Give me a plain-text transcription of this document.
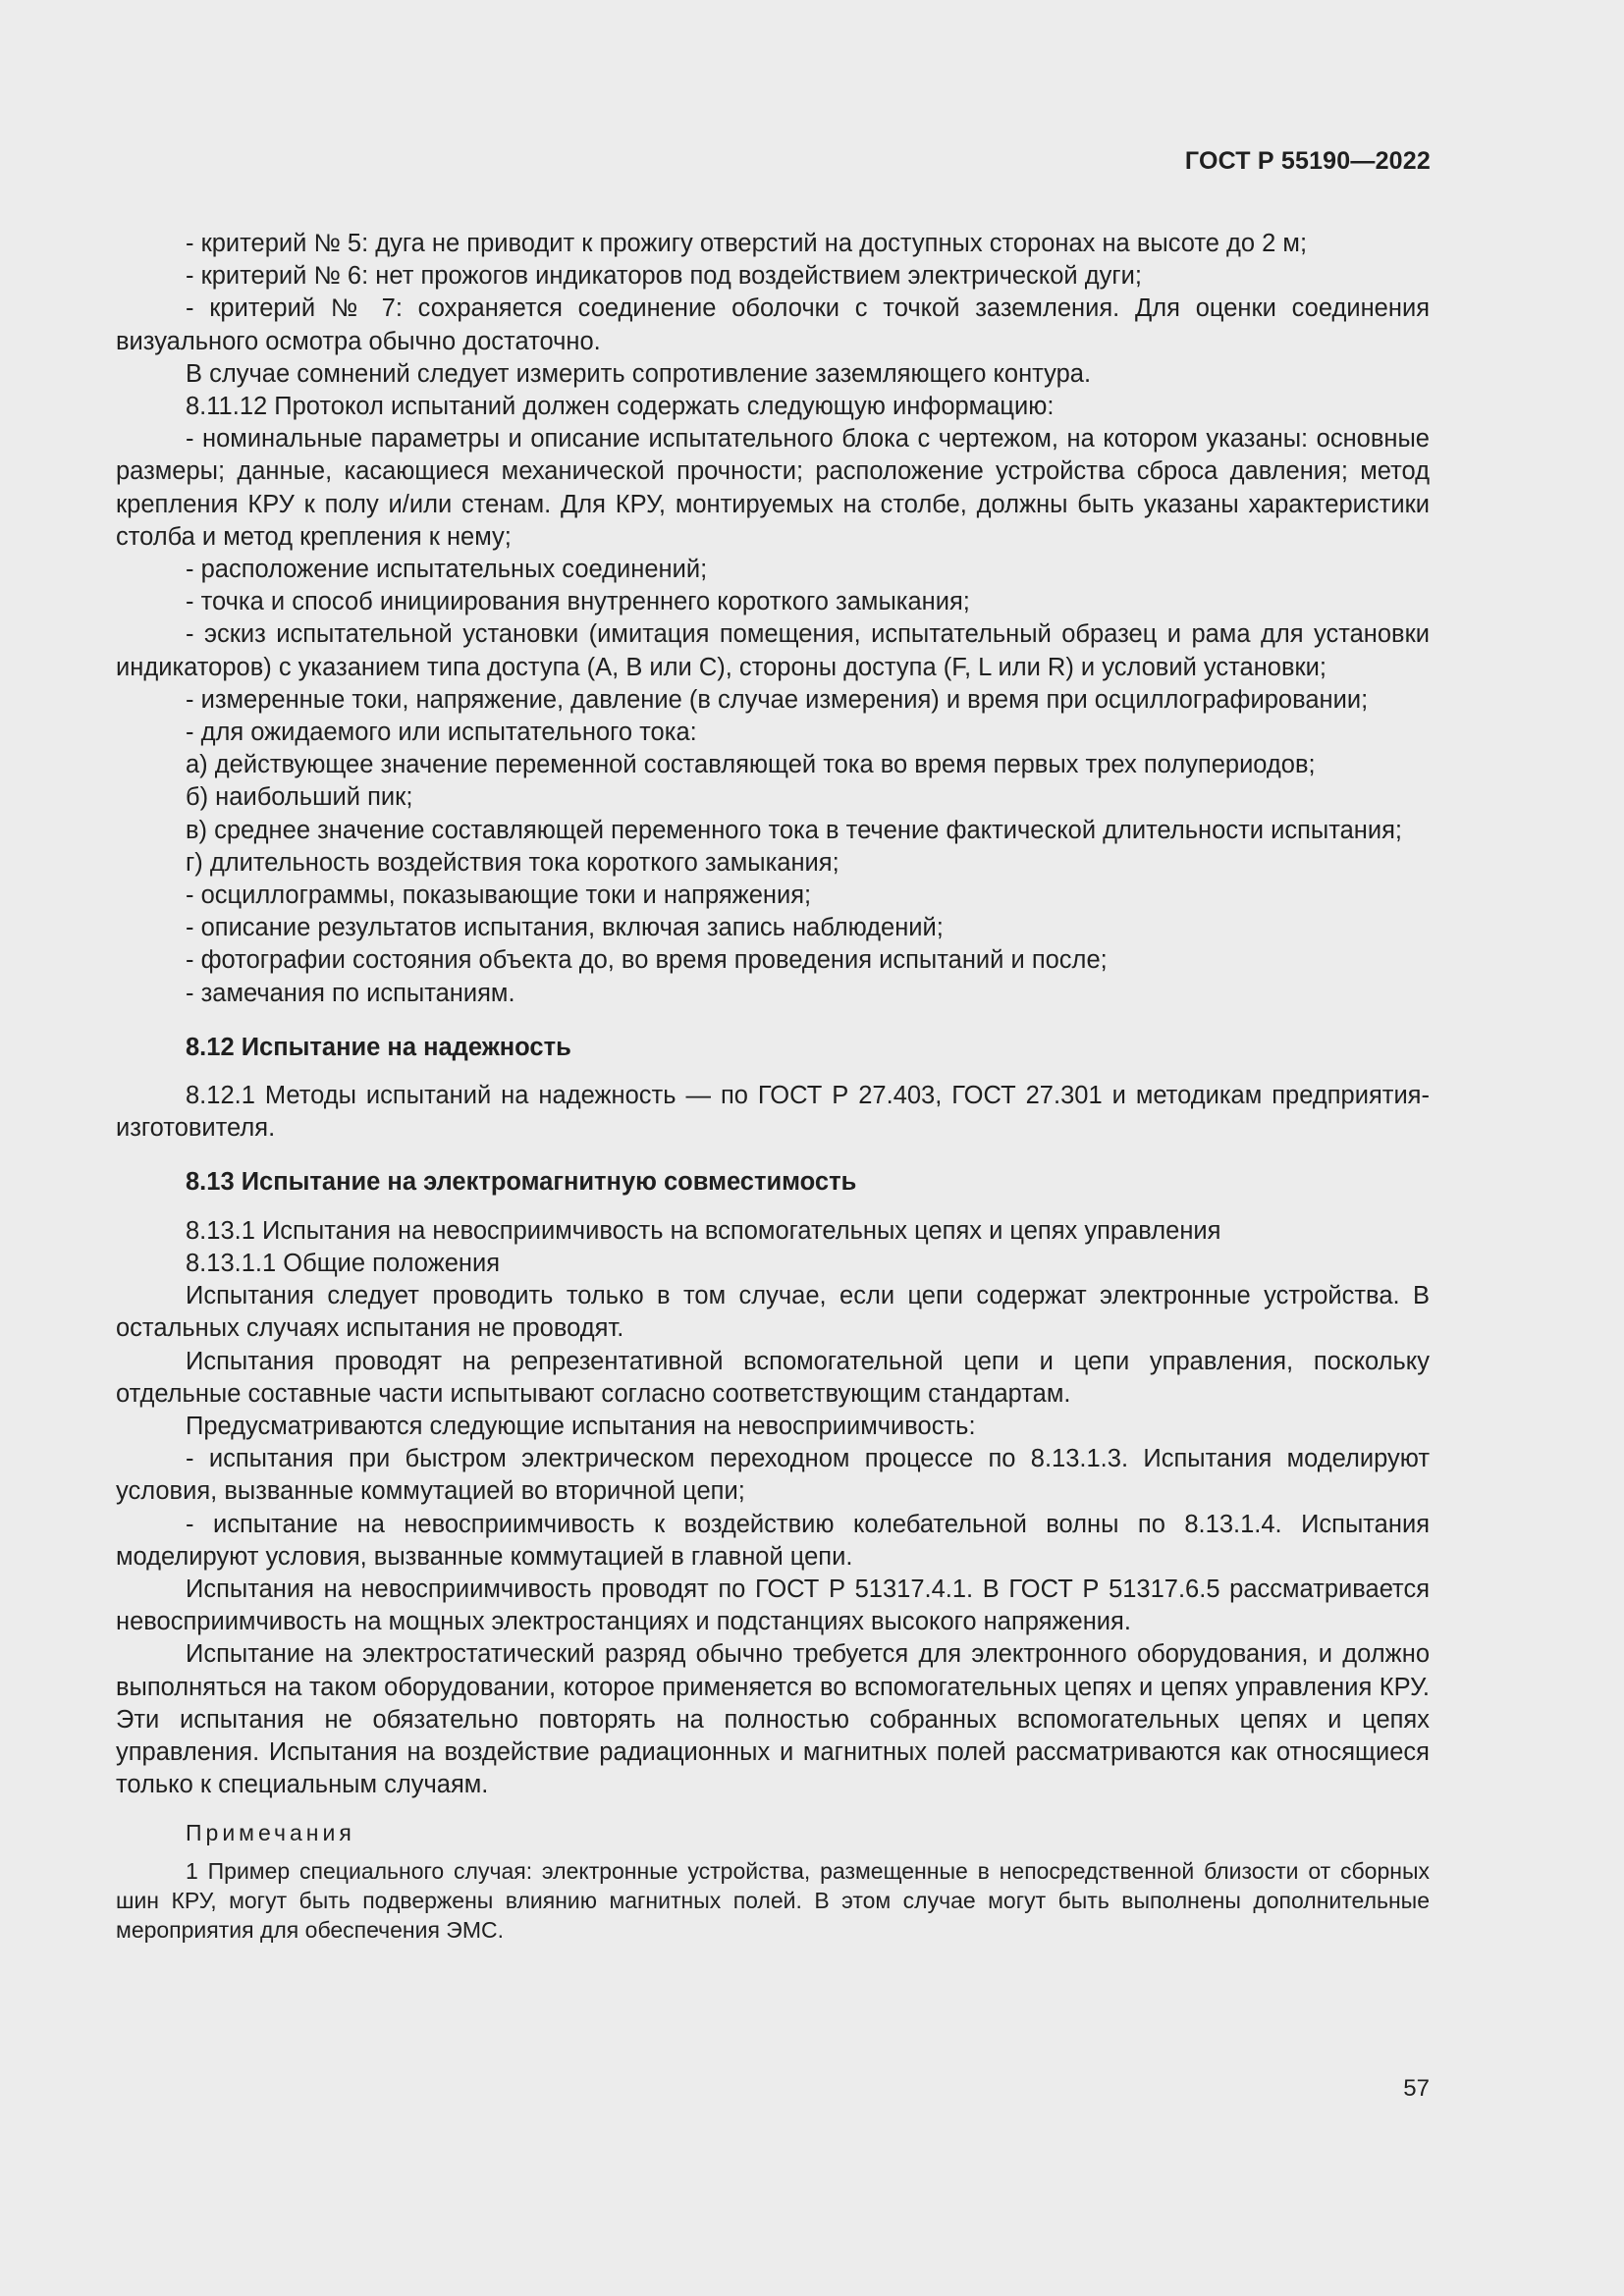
ГОСТ Р 55190—2022

- критерий № 5: дуга не приводит к прожигу отверстий на доступных сторонах на высоте до 2 м;

- критерий № 6: нет прожогов индикаторов под воздействием электрической дуги;

- критерий № 7: сохраняется соединение оболочки с точкой заземления. Для оценки соединения визуального осмотра обычно достаточно.

В случае сомнений следует измерить сопротивление заземляющего контура.

8.11.12 Протокол испытаний должен содержать следующую информацию:

- номинальные параметры и описание испытательного блока с чертежом, на котором указаны: основные размеры; данные, касающиеся механической прочности; расположение устройства сброса давления; метод крепления КРУ к полу и/или стенам. Для КРУ, монтируемых на столбе, должны быть указаны характеристики столба и метод крепления к нему;

- расположение испытательных соединений;

- точка и способ инициирования внутреннего короткого замыкания;

- эскиз испытательной установки (имитация помещения, испытательный образец и рама для установки индикаторов) с указанием типа доступа (А, В или С), стороны доступа (F, L или R) и условий установки;

- измеренные токи, напряжение, давление (в случае измерения) и время при осциллографировании;

- для ожидаемого или испытательного тока:

а) действующее значение переменной составляющей тока во время первых трех полупериодов;

б) наибольший пик;

в) среднее значение составляющей переменного тока в течение фактической длительности испытания;

г) длительность воздействия тока короткого замыкания;

- осциллограммы, показывающие токи и напряжения;

- описание результатов испытания, включая запись наблюдений;

- фотографии состояния объекта до, во время проведения испытаний и после;

- замечания по испытаниям.

8.12 Испытание на надежность

8.12.1 Методы испытаний на надежность — по ГОСТ Р 27.403, ГОСТ 27.301 и методикам предприятия-изготовителя.

8.13 Испытание на электромагнитную совместимость

8.13.1 Испытания на невосприимчивость на вспомогательных цепях и цепях управления

8.13.1.1 Общие положения

Испытания следует проводить только в том случае, если цепи содержат электронные устройства. В остальных случаях испытания не проводят.

Испытания проводят на репрезентативной вспомогательной цепи и цепи управления, поскольку отдельные составные части испытывают согласно соответствующим стандартам.

Предусматриваются следующие испытания на невосприимчивость:

- испытания при быстром электрическом переходном процессе по 8.13.1.3. Испытания моделируют условия, вызванные коммутацией во вторичной цепи;

- испытание на невосприимчивость к воздействию колебательной волны по 8.13.1.4. Испытания моделируют условия, вызванные коммутацией в главной цепи.

Испытания на невосприимчивость проводят по ГОСТ Р 51317.4.1. В ГОСТ Р 51317.6.5 рассматривается невосприимчивость на мощных электростанциях и подстанциях высокого напряжения.

Испытание на электростатический разряд обычно требуется для электронного оборудования, и должно выполняться на таком оборудовании, которое применяется во вспомогательных цепях и цепях управления КРУ. Эти испытания не обязательно повторять на полностью собранных вспомогательных цепях и цепях управления. Испытания на воздействие радиационных и магнитных полей рассматриваются как относящиеся только к специальным случаям.

Примечания

1 Пример специального случая: электронные устройства, размещенные в непосредственной близости от сборных шин КРУ, могут быть подвержены влиянию магнитных полей. В этом случае могут быть выполнены дополнительные мероприятия для обеспечения ЭМС.

57
